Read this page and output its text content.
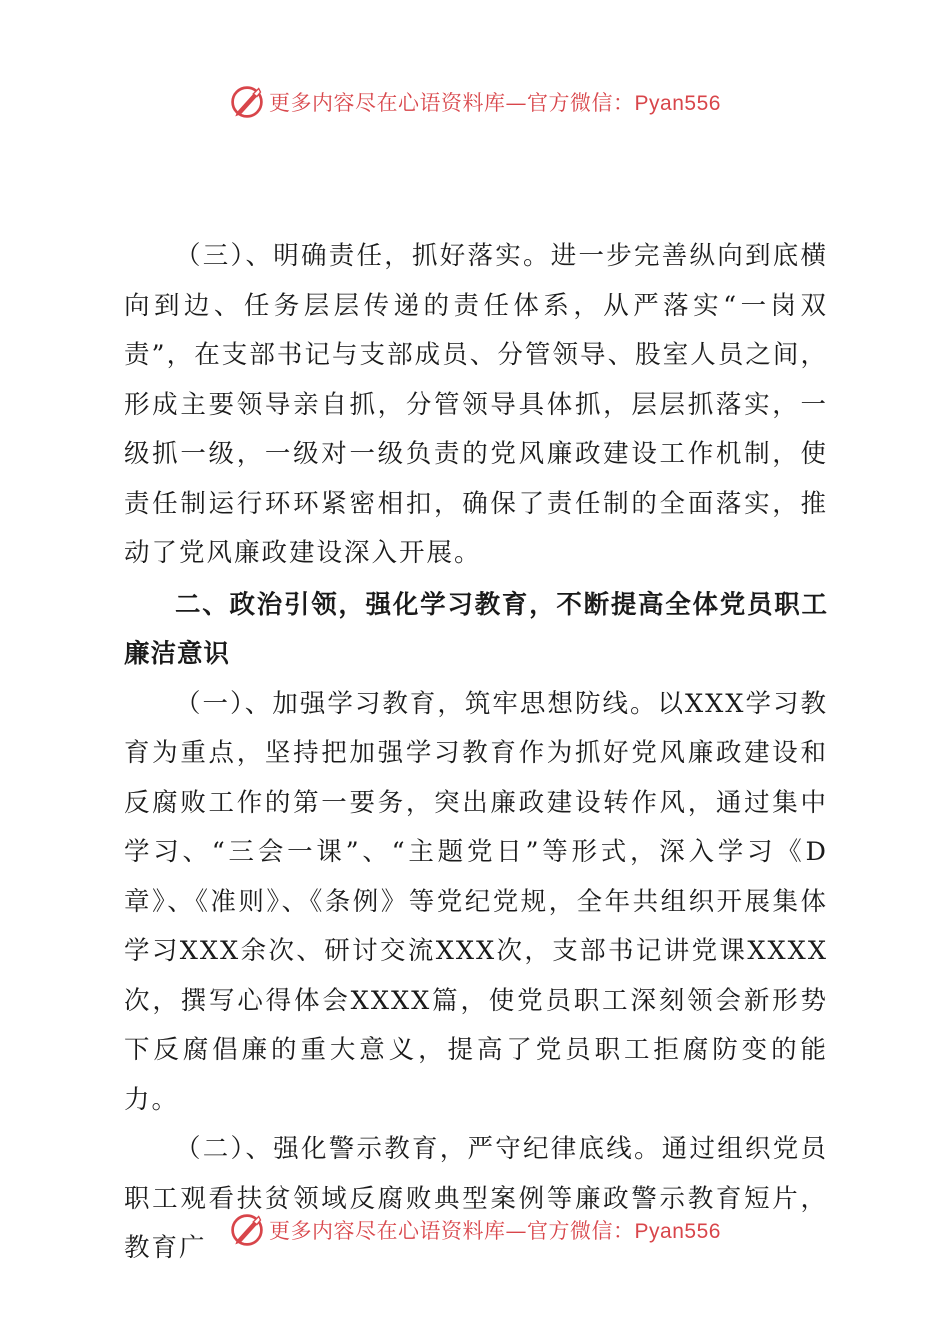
更多内容尽在心语资料库—官方微信：Pyan556

（三）、明确责任，抓好落实。进一步完善纵向到底横向到边、任务层层传递的责任体系，从严落实“一岗双责”，在支部书记与支部成员、分管领导、股室人员之间，形成主要领导亲自抓，分管领导具体抓，层层抓落实，一级抓一级，一级对一级负责的党风廉政建设工作机制，使责任制运行环环紧密相扣，确保了责任制的全面落实，推动了党风廉政建设深入开展。

二、政治引领，强化学习教育，不断提高全体党员职工廉洁意识

（一）、加强学习教育，筑牢思想防线。以XXX学习教育为重点，坚持把加强学习教育作为抓好党风廉政建设和反腐败工作的第一要务，突出廉政建设转作风，通过集中学习、“三会一课”、“主题党日”等形式，深入学习《D章》、《准则》、《条例》等党纪党规，全年共组织开展集体学习XXX余次、研讨交流XXX次，支部书记讲党课XXXX次，撰写心得体会XXXX篇，使党员职工深刻领会新形势下反腐倡廉的重大意义，提高了党员职工拒腐防变的能力。

（二）、强化警示教育，严守纪律底线。通过组织党员职工观看扶贫领域反腐败典型案例等廉政警示教育短片，教育广

更多内容尽在心语资料库—官方微信：Pyan556
